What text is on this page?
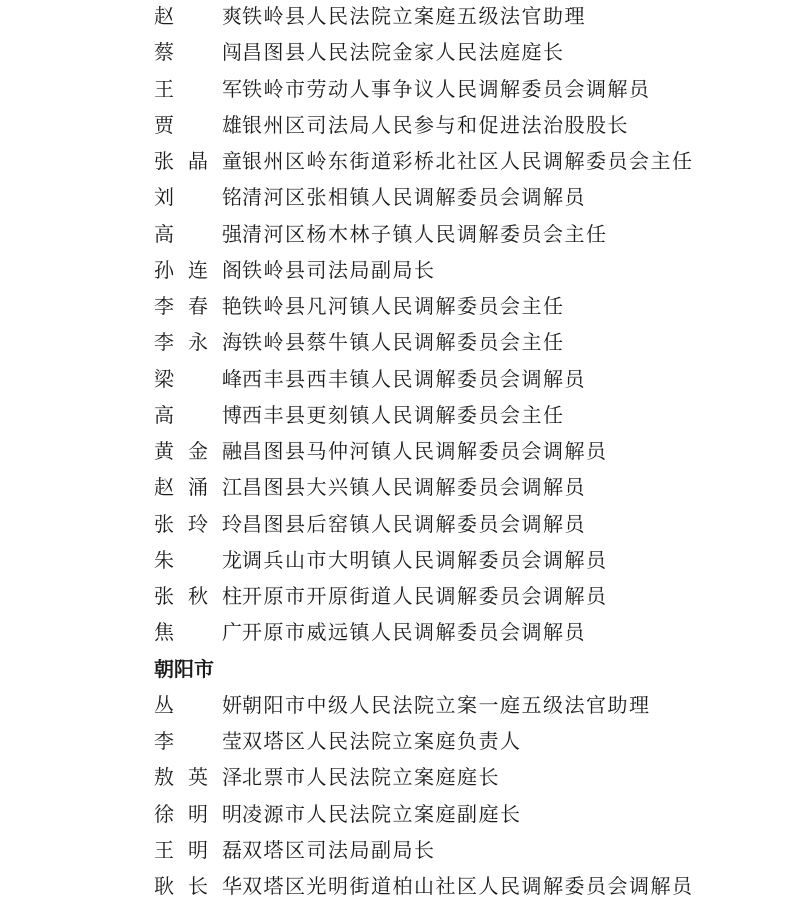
赵 爽 铁岭县人民法院立案庭五级法官助理
蔡 闯 昌图县人民法院金家人民法庭庭长
王 军 铁岭市劳动人事争议人民调解委员会调解员
贾 雄 银州区司法局人民参与和促进法治股股长
张 晶 童 银州区岭东街道彩桥北社区人民调解委员会主任
刘 铭 清河区张相镇人民调解委员会调解员
高 强 清河区杨木林子镇人民调解委员会主任
孙 连 阁 铁岭县司法局副局长
李 春 艳 铁岭县凡河镇人民调解委员会主任
李 永 海 铁岭县蔡牛镇人民调解委员会主任
梁 峰 西丰县西丰镇人民调解委员会调解员
高 博 西丰县更刻镇人民调解委员会主任
黄 金 融 昌图县马仲河镇人民调解委员会调解员
赵 涌 江 昌图县大兴镇人民调解委员会调解员
张 玲 玲 昌图县后窑镇人民调解委员会调解员
朱 龙 调兵山市大明镇人民调解委员会调解员
张 秋 柱 开原市开原街道人民调解委员会调解员
焦 广 开原市威远镇人民调解委员会调解员
朝阳市
丛 妍 朝阳市中级人民法院立案一庭五级法官助理
李 莹 双塔区人民法院立案庭负责人
敖 英 泽 北票市人民法院立案庭庭长
徐 明 明 凌源市人民法院立案庭副庭长
王 明 磊 双塔区司法局副局长
耿 长 华 双塔区光明街道柏山社区人民调解委员会调解员
